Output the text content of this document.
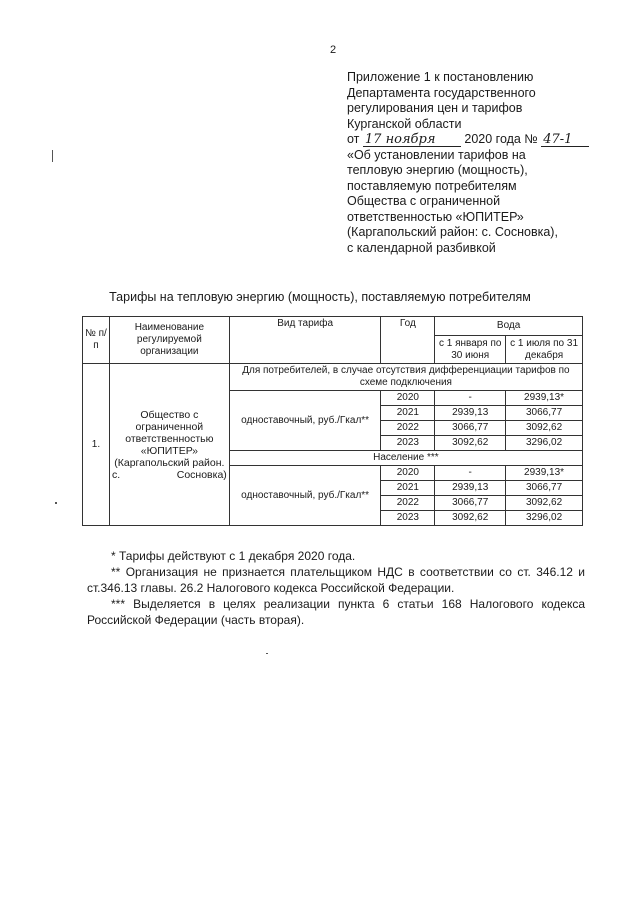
2
Приложение 1 к постановлению
Департамента государственного
регулирования цен и тарифов
Курганской области
от 17 ноября 2020 года № 47-1
«Об установлении тарифов на
тепловую энергию (мощность),
поставляемую потребителям
Общества с ограниченной
ответственностью «ЮПИТЕР»
(Каргапольский район: с. Сосновка),
с календарной разбивкой
Тарифы на тепловую энергию (мощность), поставляемую потребителям
№ п/п	Наименование регулируемой организации	Вид тарифа	Год	Вода	
				с 1 января по 30 июня	с 1 июля по 31 декабря
1.	Общество с ограниченной ответственностью «ЮПИТЕР» (Каргапольский район.
с. Сосновка)	Для потребителей, в случае отсутствия дифференциации тарифов по схеме подключения			
		одноставочный, руб./Гкал**	2020	-	2939,13*
			2021	2939,13	3066,77
			2022	3066,77	3092,62
			2023	3092,62	3296,02
		Население ***			
		одноставочный, руб./Гкал**	2020	-	2939,13*
			2021	2939,13	3066,77
			2022	3066,77	3092,62
			2023	3092,62	3296,02

* Тарифы действуют с 1 декабря 2020 года.

** Организация не признается плательщиком НДС в соответствии со ст. 346.12 и ст.346.13 главы. 26.2 Налогового кодекса Российской Федерации.

*** Выделяется в целях реализации пункта 6 статьи 168 Налогового кодекса Российской Федерации (часть вторая).
